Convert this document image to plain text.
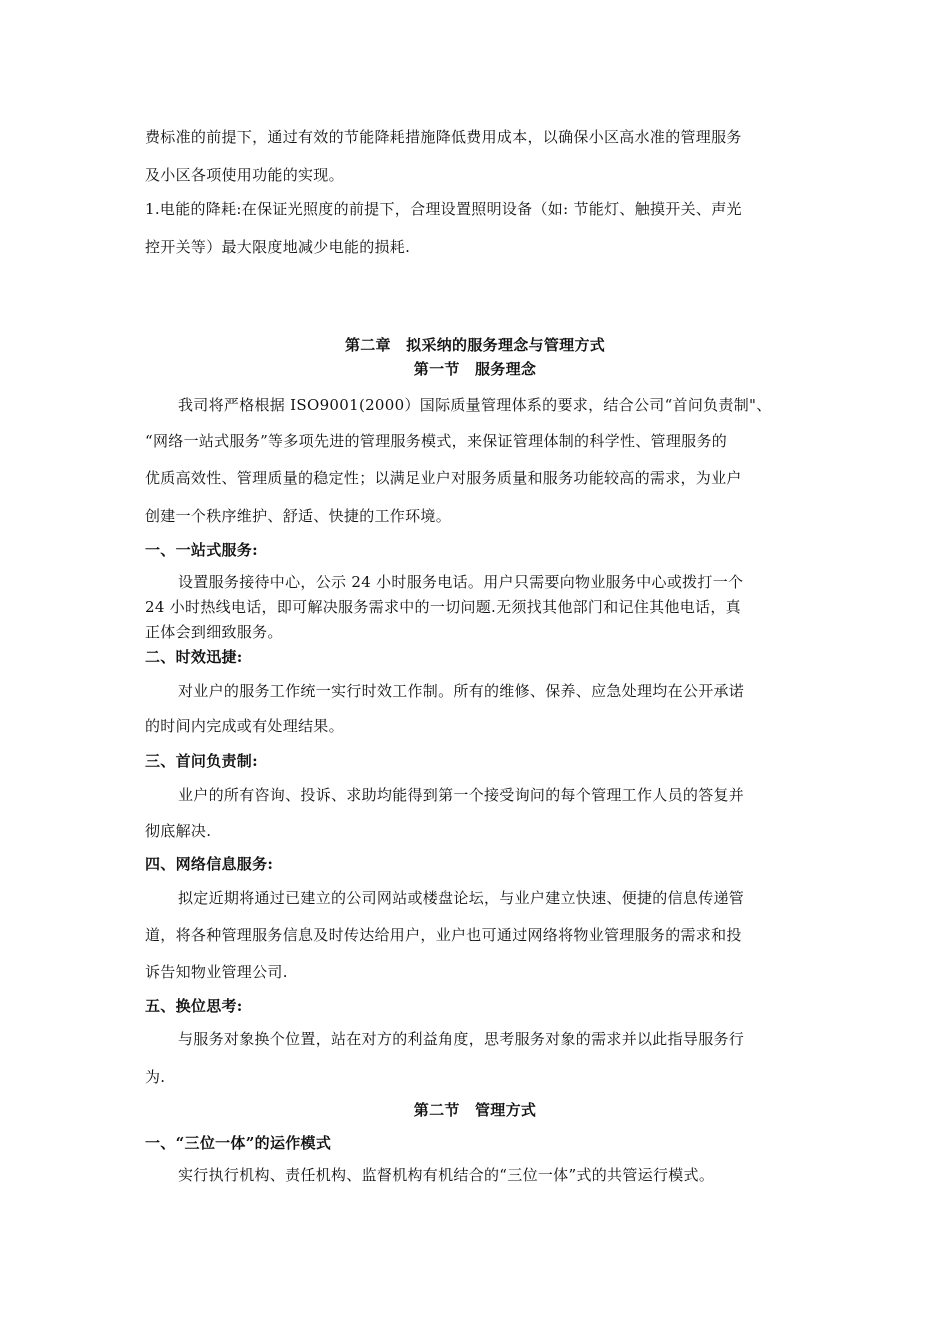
费标准的前提下，通过有效的节能降耗措施降低费用成本，以确保小区高水准的管理服务
及小区各项使用功能的实现。
1.电能的降耗:在保证光照度的前提下，合理设置照明设备（如: 节能灯、触摸开关、声光
控开关等）最大限度地减少电能的损耗.
第二章　拟采纳的服务理念与管理方式
第一节　服务理念
我司将严格根据 ISO9001(2000）国际质量管理体系的要求，结合公司“首问负责制"、
“网络一站式服务”等多项先进的管理服务模式，来保证管理体制的科学性、管理服务的
优质高效性、管理质量的稳定性；以满足业户对服务质量和服务功能较高的需求，为业户
创建一个秩序维护、舒适、快捷的工作环境。
一、一站式服务:
设置服务接待中心，公示 24 小时服务电话。用户只需要向物业服务中心或拨打一个
24 小时热线电话，即可解决服务需求中的一切问题.无须找其他部门和记住其他电话，真
正体会到细致服务。
二、时效迅捷:
对业户的服务工作统一实行时效工作制。所有的维修、保养、应急处理均在公开承诺
的时间内完成或有处理结果。
三、首问负责制:
业户的所有咨询、投诉、求助均能得到第一个接受询问的每个管理工作人员的答复并
彻底解决.
四、网络信息服务:
拟定近期将通过已建立的公司网站或楼盘论坛，与业户建立快速、便捷的信息传递管
道，将各种管理服务信息及时传达给用户，业户也可通过网络将物业管理服务的需求和投
诉告知物业管理公司.
五、换位思考:
与服务对象换个位置，站在对方的利益角度，思考服务对象的需求并以此指导服务行
为.
第二节　管理方式
一、“三位一体”的运作模式
实行执行机构、责任机构、监督机构有机结合的“三位一体”式的共管运行模式。
